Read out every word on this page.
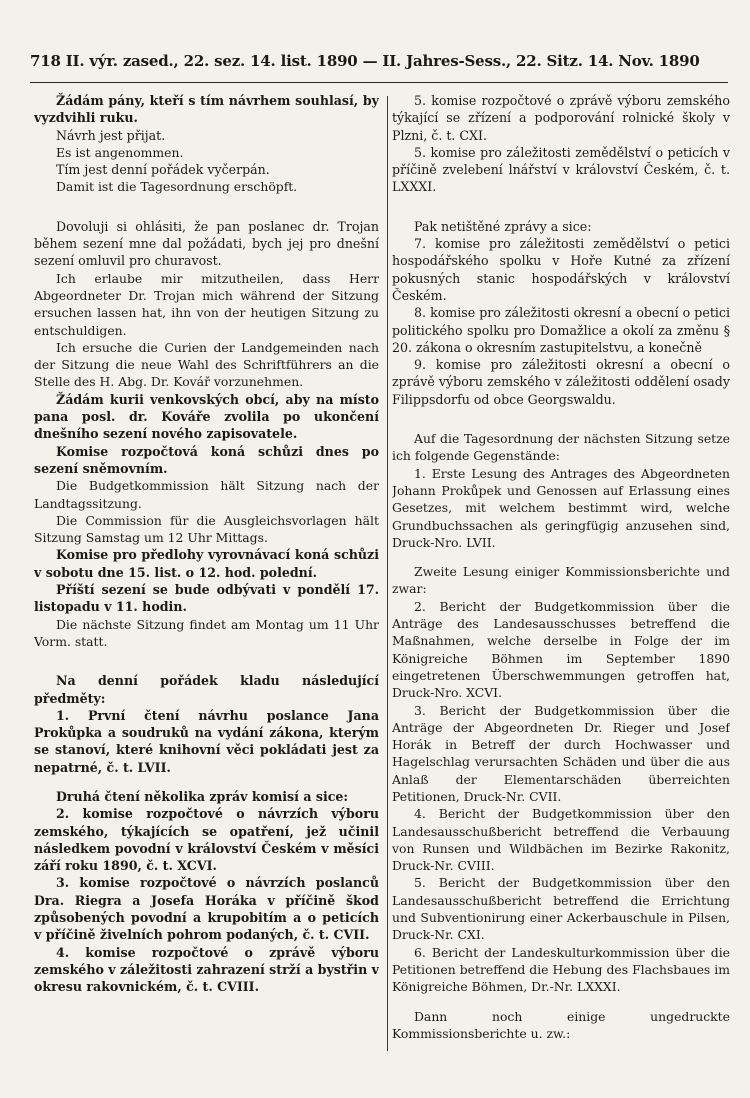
718 II. výr. zased., 22. sez. 14. list. 1890 — II. Jahres-Sess., 22. Sitz. 14. Nov. 1890

Žádám pány, kteří s tím návrhem souhlasí, by vyzdvihli ruku.

Návrh jest přijat.

Es ist angenommen.

Tím jest denní pořádek vyčerpán.

Damit ist die Tagesordnung erschöpft.

Dovoluji si ohlásiti, že pan poslanec dr. Trojan během sezení mne dal požádati, bych jej pro dnešní sezení omluvil pro churavost.

Ich erlaube mir mitzutheilen, dass Herr Abgeordneter Dr. Trojan mich während der Sitzung ersuchen lassen hat, ihn von der heutigen Sitzung zu entschuldigen.

Ich ersuche die Curien der Landgemeinden nach der Sitzung die neue Wahl des Schriftführers an die Stelle des H. Abg. Dr. Kovář vorzunehmen.

Žádám kurii venkovských obcí, aby na místo pana posl. dr. Kováře zvolila po ukončení dnešního sezení nového zapisovatele.

Komise rozpočtová koná schůzi dnes po sezení sněmovním.

Die Budgetkommission hält Sitzung nach der Landtagssitzung.

Die Commission für die Ausgleichsvorlagen hält Sitzung Samstag um 12 Uhr Mittags.

Komise pro předlohy vyrovnávací koná schůzi v sobotu dne 15. list. o 12. hod. polední.

Příští sezení se bude odbývati v pondělí 17. listopadu v 11. hodin.

Die nächste Sitzung findet am Montag um 11 Uhr Vorm. statt.

Na denní pořádek kladu následující předměty:

1. První čtení návrhu poslance Jana Prokůpka a soudruků na vydání zákona, kterým se stanoví, které knihovní věci pokládati jest za nepatrné, č. t. LVII.

Druhá čtení několika zpráv komisí a sice:

2. komise rozpočtové o návrzích výboru zemského, týkajících se opatření, jež učinil následkem povodní v království Českém v měsíci září roku 1890, č. t. XCVI.

3. komise rozpočtové o návrzích poslanců Dra. Riegra a Josefa Horáka v příčině škod způsobených povodní a krupobitím a o peticích v příčině živelních pohrom podaných, č. t. CVII.

4. komise rozpočtové o zprávě výboru zemského v záležitosti zahrazení strží a bystřin v okresu rakovnickém, č. t. CVIII.

5. komise rozpočtové o zprávě výboru zemského týkající se zřízení a podporování rolnické školy v Plzni, č. t. CXI.

5. komise pro záležitosti zemědělství o peticích v příčině zvelebení lnářství v království Českém, č. t. LXXXI.

Pak netištěné zprávy a sice:

7. komise pro záležitosti zemědělství o petici hospodářského spolku v Hoře Kutné za zřízení pokusných stanic hospodářských v království Českém.

8. komise pro záležitosti okresní a obecní o petici politického spolku pro Domažlice a okolí za změnu § 20. zákona o okresním zastupitelstvu, a konečně

9. komise pro záležitosti okresní a obecní o zprávě výboru zemského v záležitosti oddělení osady Filippsdorfu od obce Georgswaldu.

Auf die Tagesordnung der nächsten Sitzung setze ich folgende Gegenstände:

1. Erste Lesung des Antrages des Abgeordneten Johann Prokůpek und Genossen auf Erlassung eines Gesetzes, mit welchem bestimmt wird, welche Grundbuchssachen als geringfügig anzusehen sind, Druck-Nro. LVII.

Zweite Lesung einiger Kommissionsberichte und zwar:

2. Bericht der Budgetkommission über die Anträge des Landesausschusses betreffend die Maßnahmen, welche derselbe in Folge der im Königreiche Böhmen im September 1890 eingetretenen Überschwemmungen getroffen hat, Druck-Nro. XCVI.

3. Bericht der Budgetkommission über die Anträge der Abgeordneten Dr. Rieger und Josef Horák in Betreff der durch Hochwasser und Hagelschlag verursachten Schäden und über die aus Anlaß der Elementarschäden überreichten Petitionen, Druck-Nr. CVII.

4. Bericht der Budgetkommission über den Landesausschußbericht betreffend die Verbauung von Runsen und Wildbächen im Bezirke Rakonitz, Druck-Nr. CVIII.

5. Bericht der Budgetkommission über den Landesausschußbericht betreffend die Errichtung und Subventionirung einer Ackerbauschule in Pilsen, Druck-Nr. CXI.

6. Bericht der Landeskulturkommission über die Petitionen betreffend die Hebung des Flachsbaues im Königreiche Böhmen, Dr.-Nr. LXXXI.

Dann noch einige ungedruckte Kommissionsberichte u. zw.:
